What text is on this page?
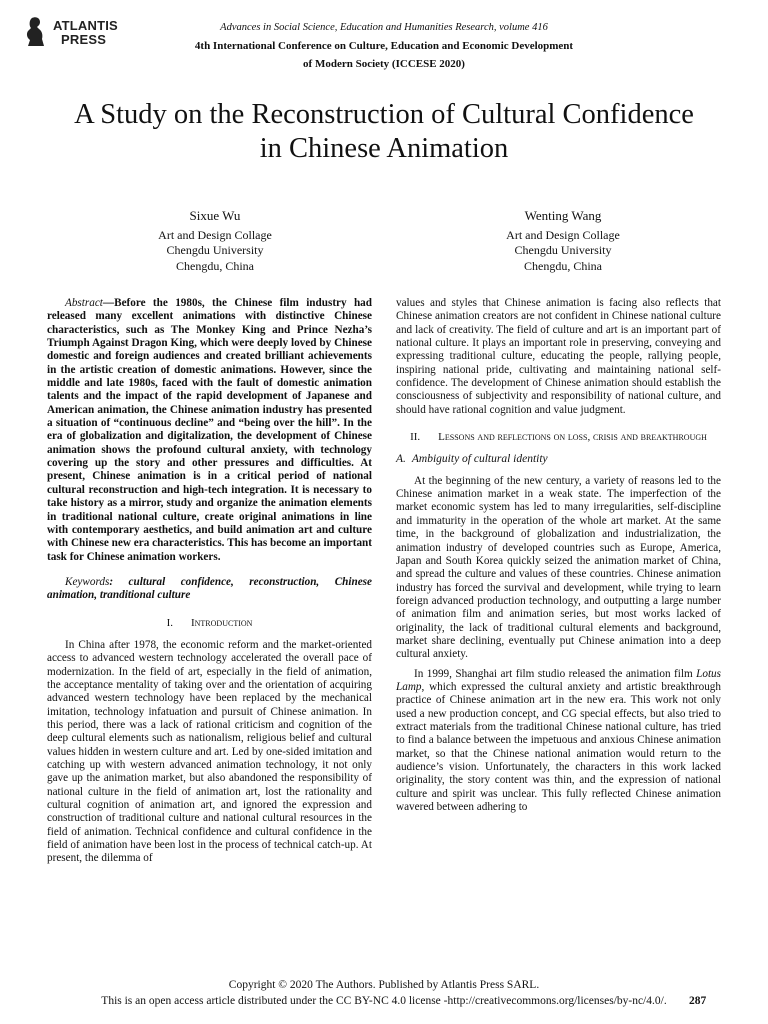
ATLANTIS
PRESS
Advances in Social Science, Education and Humanities Research, volume 416
4th International Conference on Culture, Education and Economic Development
of Modern Society (ICCESE 2020)
A Study on the Reconstruction of Cultural Confidence in Chinese Animation
Sixue Wu
Art and Design Collage
Chengdu University
Chengdu, China
Wenting Wang
Art and Design Collage
Chengdu University
Chengdu, China

Abstract—Before the 1980s, the Chinese film industry had released many excellent animations with distinctive Chinese characteristics, such as The Monkey King and Prince Nezha’s Triumph Against Dragon King, which were deeply loved by Chinese domestic and foreign audiences and created brilliant achievements in the artistic creation of domestic animations. However, since the middle and late 1980s, faced with the fault of domestic animation talents and the impact of the rapid development of Japanese and American animation, the Chinese animation industry has presented a situation of “continuous decline” and “being over the hill”. In the era of globalization and digitalization, the development of Chinese animation shows the profound cultural anxiety, with technology covering up the story and other pressures and difficulties. At present, Chinese animation is in a critical period of national cultural reconstruction and high-tech integration. It is necessary to take history as a mirror, study and organize the animation elements in traditional national culture, create original animations in line with contemporary aesthetics, and build animation art and culture with Chinese new era characteristics. This has become an important task for Chinese animation workers.

Keywords: cultural confidence, reconstruction, Chinese animation, tranditional culture

I. Introduction

In China after 1978, the economic reform and the market-oriented access to advanced western technology accelerated the overall pace of modernization. In the field of art, especially in the field of animation, the acceptance mentality of taking over and the orientation of acquiring advanced western technology have been replaced by the mechanical imitation, technology infatuation and pursuit of Chinese animation. In this period, there was a lack of rational criticism and cognition of the deep cultural elements such as nationalism, religious belief and cultural values hidden in western culture and art. Led by one-sided imitation and catching up with western advanced animation technology, it not only gave up the animation market, but also abandoned the responsibility of national culture in the field of animation art, lost the rationality and cultural cognition of animation art, and ignored the expression and construction of traditional culture and national cultural resources in the field of animation. Technical confidence and cultural confidence in the field of animation have been lost in the process of technical catch-up. At present, the dilemma of

values and styles that Chinese animation is facing also reflects that Chinese animation creators are not confident in Chinese national culture and lack of creativity. The field of culture and art is an important part of national culture. It plays an important role in preserving, conveying and expressing traditional culture, educating the people, rallying people, inspiring national pride, cultivating and maintaining national self-confidence. The development of Chinese animation should establish the consciousness of subjectivity and responsibility of national culture, and should have rational cognition and value judgment.

II. Lessons and reflections on loss, crisis and breakthrough

A. Ambiguity of cultural identity

At the beginning of the new century, a variety of reasons led to the Chinese animation market in a weak state. The imperfection of the market economic system has led to many irregularities, self-discipline and immaturity in the operation of the whole art market. At the same time, in the background of globalization and industrialization, the animation industry of developed countries such as Europe, America, Japan and South Korea quickly seized the animation market of China, and spread the culture and values of these countries. Chinese animation industry has forced the survival and development, while trying to learn foreign advanced production technology, and outputting a large number of animation film and animation series, but most works lacked of originality, the lack of traditional cultural elements and background, market share declining, eventually put Chinese animation into a deep cultural anxiety.

In 1999, Shanghai art film studio released the animation film Lotus Lamp, which expressed the cultural anxiety and artistic breakthrough practice of Chinese animation art in the new era. This work not only used a new production concept, and CG special effects, but also tried to extract materials from the traditional Chinese national culture, has tried to find a balance between the impetuous and anxious Chinese animation market, so that the Chinese national animation would return to the audience’s vision. Unfortunately, the characters in this work lacked originality, the story content was thin, and the expression of national culture and spirit was unclear. This fully reflected Chinese animation wavered between adhering to

Copyright © 2020 The Authors. Published by Atlantis Press SARL.
This is an open access article distributed under the CC BY-NC 4.0 license -http://creativecommons.org/licenses/by-nc/4.0/.	287
